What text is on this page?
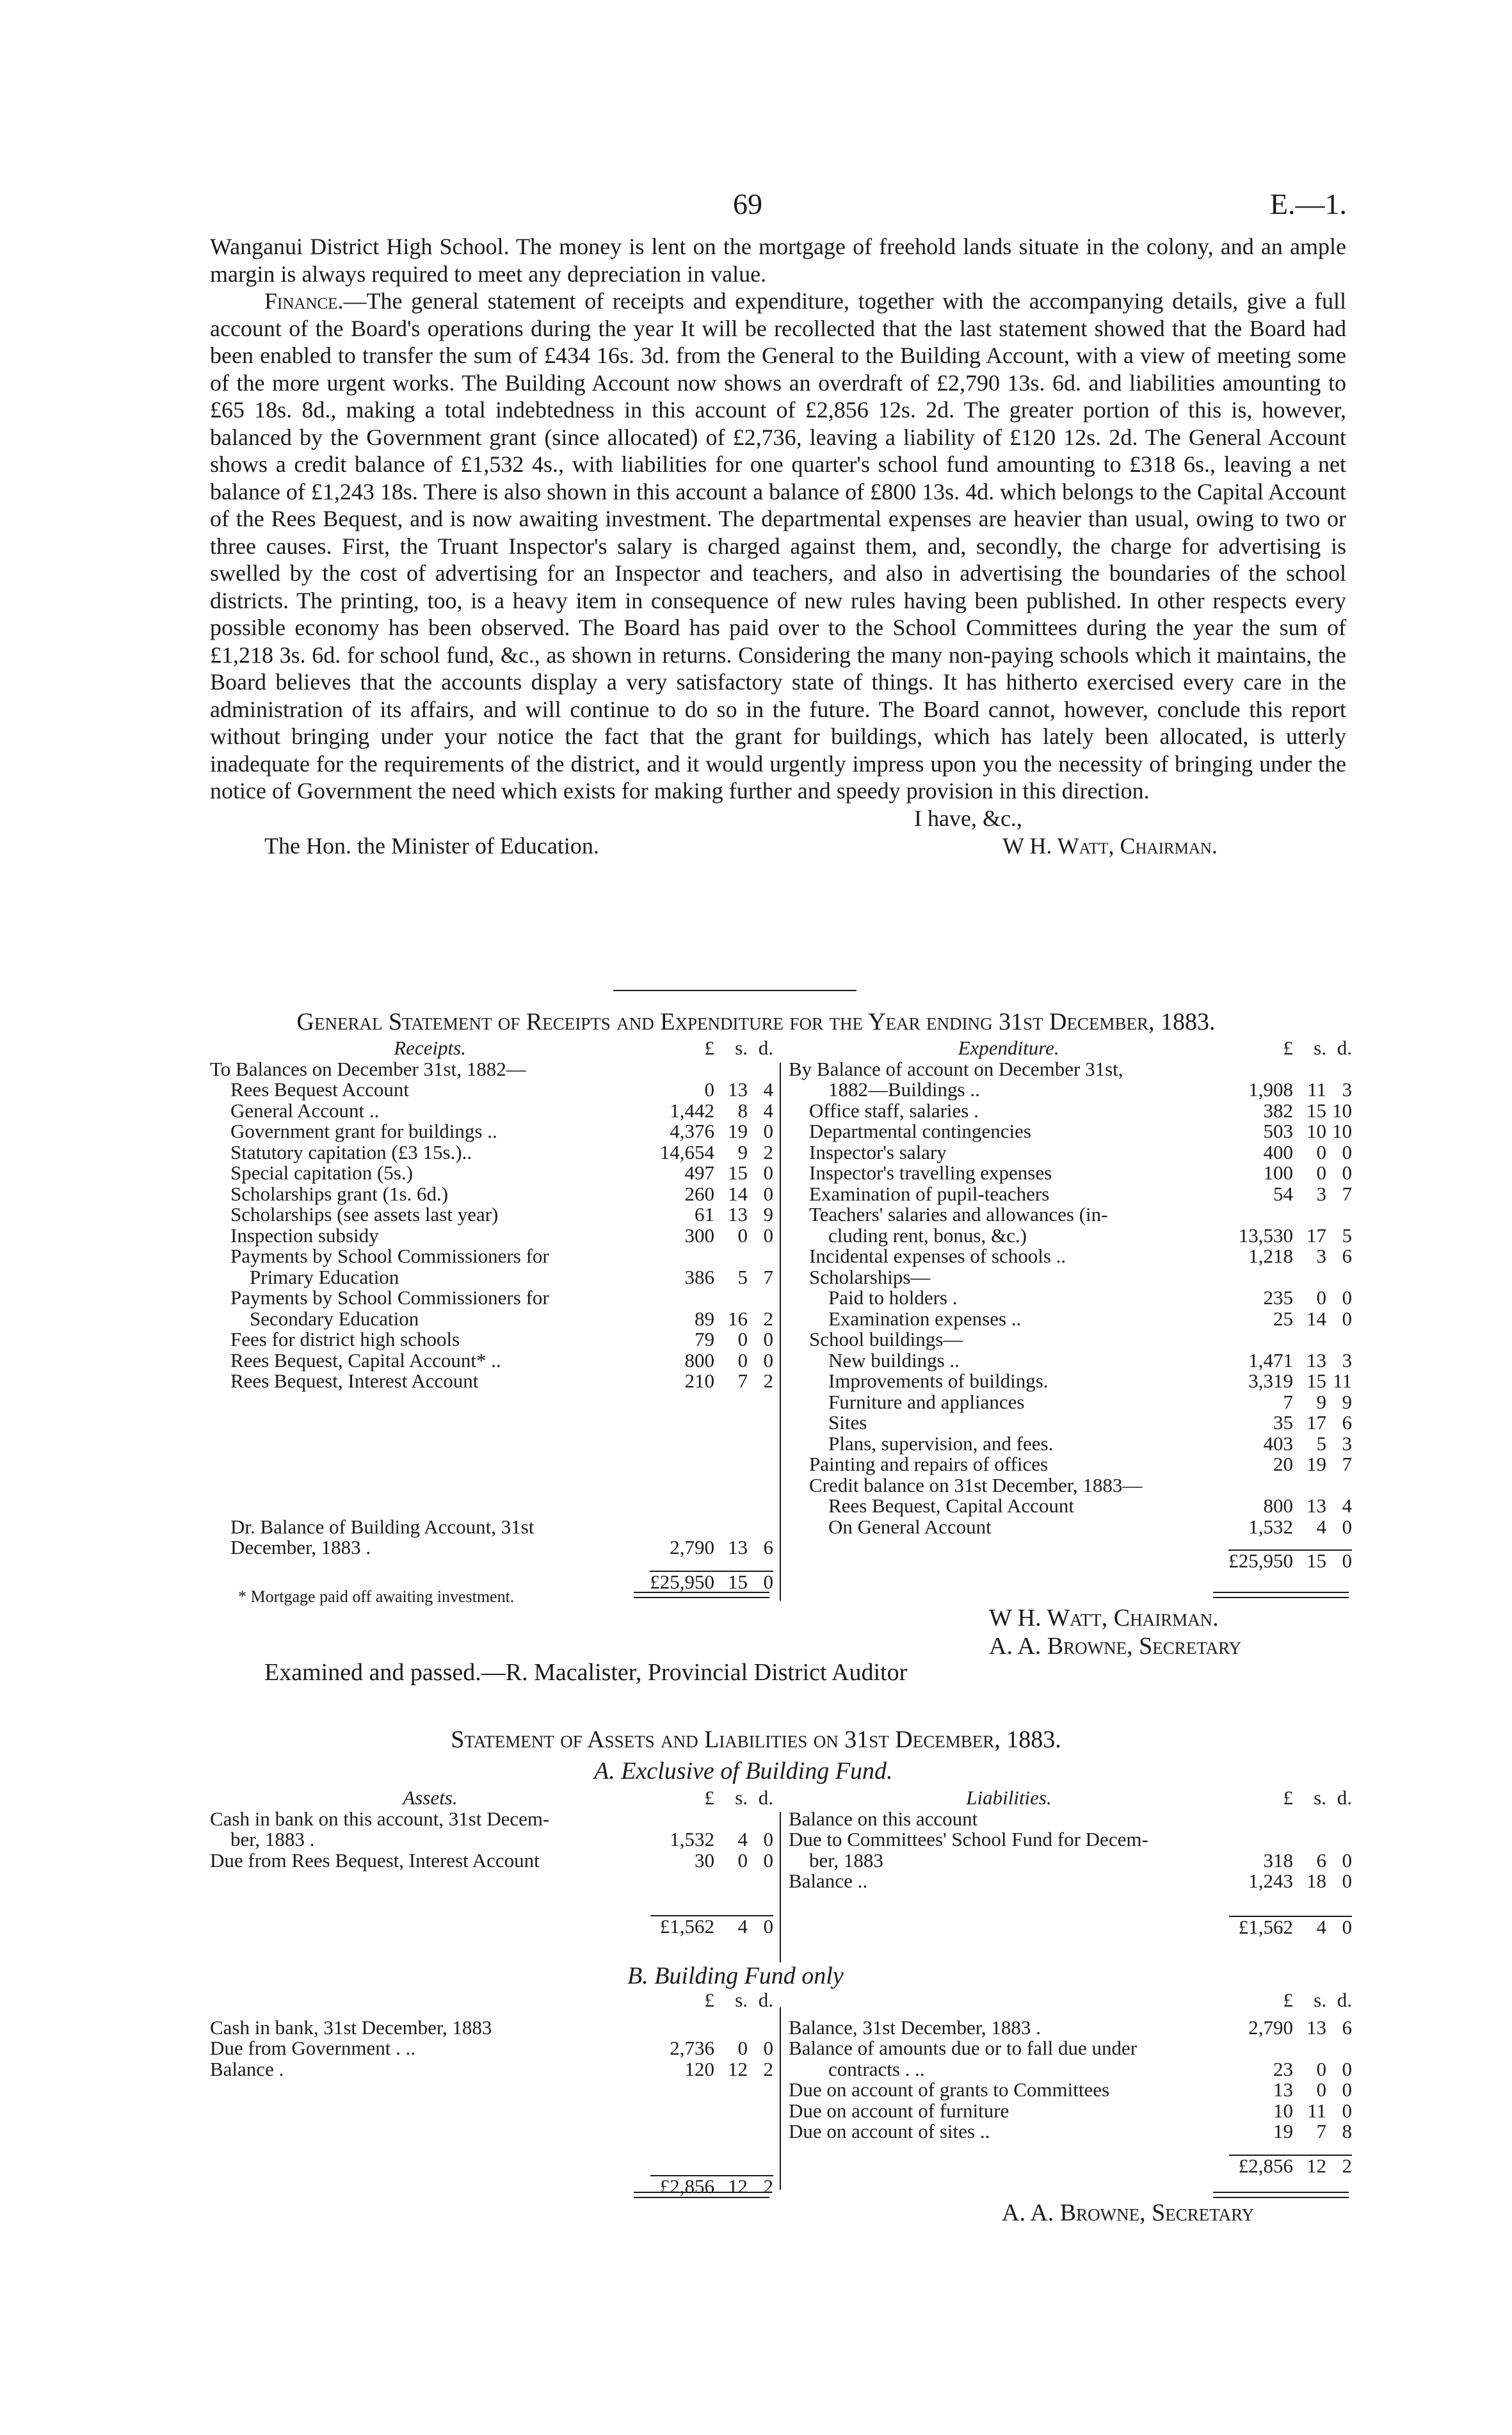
69	E.—1.

Wanganui District High School. The money is lent on the mortgage of freehold lands situate in the colony, and an ample margin is always required to meet any depreciation in value.

Finance.—The general statement of receipts and expenditure, together with the accompanying details, give a full account of the Board's operations during the year It will be recollected that the last statement showed that the Board had been enabled to transfer the sum of £434 16s. 3d. from the General to the Building Account, with a view of meeting some of the more urgent works. The Building Account now shows an overdraft of £2,790 13s. 6d. and liabilities amounting to £65 18s. 8d., making a total indebtedness in this account of £2,856 12s. 2d. The greater portion of this is, however, balanced by the Government grant (since allocated) of £2,736, leaving a liability of £120 12s. 2d. The General Account shows a credit balance of £1,532 4s., with liabilities for one quarter's school fund amounting to £318 6s., leaving a net balance of £1,243 18s. There is also shown in this account a balance of £800 13s. 4d. which belongs to the Capital Account of the Rees Bequest, and is now awaiting investment. The departmental expenses are heavier than usual, owing to two or three causes. First, the Truant Inspector's salary is charged against them, and, secondly, the charge for advertising is swelled by the cost of advertising for an Inspector and teachers, and also in advertising the boundaries of the school districts. The printing, too, is a heavy item in consequence of new rules having been published. In other respects every possible economy has been observed. The Board has paid over to the School Committees during the year the sum of £1,218 3s. 6d. for school fund, &c., as shown in returns. Considering the many non-paying schools which it maintains, the Board believes that the accounts display a very satisfactory state of things. It has hitherto exercised every care in the administration of its affairs, and will continue to do so in the future. The Board cannot, however, conclude this report without bringing under your notice the fact that the grant for buildings, which has lately been allocated, is utterly inadequate for the requirements of the district, and it would urgently impress upon you the necessity of bringing under the notice of Government the need which exists for making further and speedy provision in this direction.

I have, &c.,
The Hon. the Minister of Education.	W H. Watt, Chairman.
General Statement of Receipts and Expenditure for the Year ending 31st December, 1883.
Receipts.	£	s.	d.
To Balances on December 31st, 1882—			
Rees Bequest Account	0	13	4
General Account ..	1,442	8	4
Government grant for buildings ..	4,376	19	0
Statutory capitation (£3 15s.)..	14,654	9	2
Special capitation (5s.)	497	15	0
Scholarships grant (1s. 6d.)	260	14	0
Scholarships (see assets last year)	61	13	9
Inspection subsidy	300	0	0
Payments by School Commissioners for			
Primary Education	386	5	7
Payments by School Commissioners for			
Secondary Education	89	16	2
Fees for district high schools	79	0	0
Rees Bequest, Capital Account* ..	800	0	0
Rees Bequest, Interest Account	210	7	2

Dr. Balance of Building Account, 31st			
December, 1883 .	2,790	13	6

	£25,950	15	0
Expenditure.	£	s.	d.
By Balance of account on December 31st,			
1882—Buildings ..	1,908	11	3
Office staff, salaries .	382	15	10
Departmental contingencies	503	10	10
Inspector's salary	400	0	0
Inspector's travelling expenses	100	0	0
Examination of pupil-teachers	54	3	7
Teachers' salaries and allowances (in-			
cluding rent, bonus, &c.)	13,530	17	5
Incidental expenses of schools ..	1,218	3	6
Scholarships—			
Paid to holders .	235	0	0
Examination expenses ..	25	14	0
School buildings—			
New buildings ..	1,471	13	3
Improvements of buildings.	3,319	15	11
Furniture and appliances	7	9	9
Sites	35	17	6
Plans, supervision, and fees.	403	5	3
Painting and repairs of offices	20	19	7
Credit balance on 31st December, 1883—			
Rees Bequest, Capital Account	800	13	4
On General Account	1,532	4	0

	£25,950	15	0
* Mortgage paid off awaiting investment.
W H. Watt, Chairman.
A. A. Browne, Secretary
Examined and passed.—R. Macalister, Provincial District Auditor
Statement of Assets and Liabilities on 31st December, 1883.
A. Exclusive of Building Fund.
Assets.	£	s.	d.
Cash in bank on this account, 31st Decem-			
ber, 1883 .	1,532	4	0
Due from Rees Bequest, Interest Account	30	0	0

	£1,562	4	0
Liabilities.	£	s.	d.
Balance on this account			
Due to Committees' School Fund for Decem-			
ber, 1883	318	6	0
Balance ..	1,243	18	0

	£1,562	4	0
B. Building Fund only
	£	s.	d.

Cash in bank, 31st December, 1883			
Due from Government . ..	2,736	0	0
Balance .	120	12	2

	£2,856	12	2
	£	s.	d.

Balance, 31st December, 1883 .	2,790	13	6
Balance of amounts due or to fall due under			
contracts . ..	23	0	0
Due on account of grants to Committees	13	0	0
Due on account of furniture	10	11	0
Due on account of sites ..	19	7	8

	£2,856	12	2
A. A. Browne, Secretary
